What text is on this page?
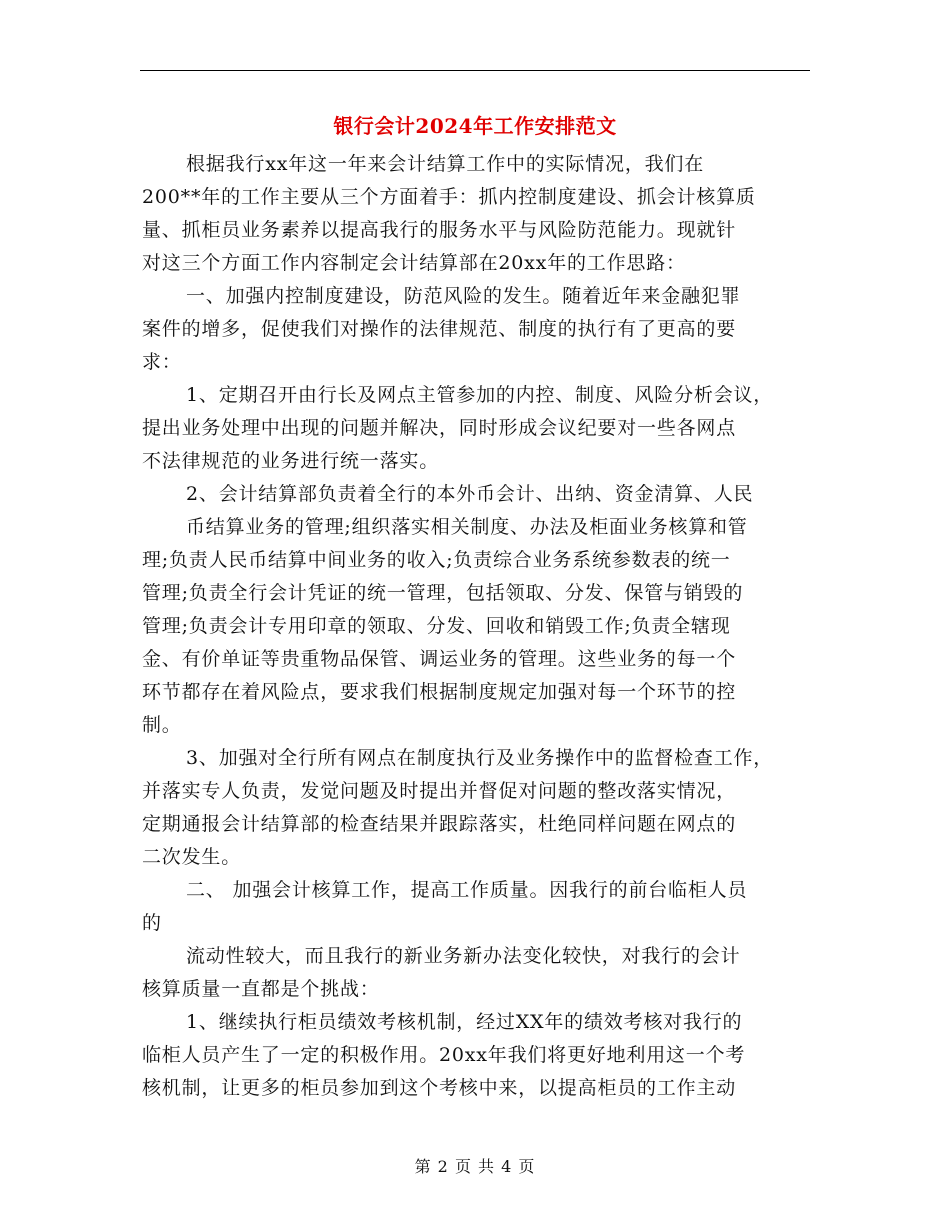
银行会计2024年工作安排范文

根据我行xx年这一年来会计结算工作中的实际情况，我们在

200**年的工作主要从三个方面着手：抓内控制度建设、抓会计核算质

量、抓柜员业务素养以提高我行的服务水平与风险防范能力。现就针

对这三个方面工作内容制定会计结算部在20xx年的工作思路：

一、加强内控制度建设，防范风险的发生。随着近年来金融犯罪

案件的增多，促使我们对操作的法律规范、制度的执行有了更高的要

求：

1、定期召开由行长及网点主管参加的内控、制度、风险分析会议，

提出业务处理中出现的问题并解决，同时形成会议纪要对一些各网点

不法律规范的业务进行统一落实。

2、会计结算部负责着全行的本外币会计、出纳、资金清算、人民

币结算业务的管理;组织落实相关制度、办法及柜面业务核算和管

理;负责人民币结算中间业务的收入;负责综合业务系统参数表的统一

管理;负责全行会计凭证的统一管理，包括领取、分发、保管与销毁的

管理;负责会计专用印章的领取、分发、回收和销毁工作;负责全辖现

金、有价单证等贵重物品保管、调运业务的管理。这些业务的每一个

环节都存在着风险点，要求我们根据制度规定加强对每一个环节的控

制。

3、加强对全行所有网点在制度执行及业务操作中的监督检查工作，

并落实专人负责，发觉问题及时提出并督促对问题的整改落实情况，

定期通报会计结算部的检查结果并跟踪落实，杜绝同样问题在网点的

二次发生。

二、 加强会计核算工作，提高工作质量。因我行的前台临柜人员

的

流动性较大，而且我行的新业务新办法变化较快，对我行的会计

核算质量一直都是个挑战：

1、继续执行柜员绩效考核机制，经过XX年的绩效考核对我行的

临柜人员产生了一定的积极作用。20xx年我们将更好地利用这一个考

核机制，让更多的柜员参加到这个考核中来，以提高柜员的工作主动

第 2 页 共 4 页
